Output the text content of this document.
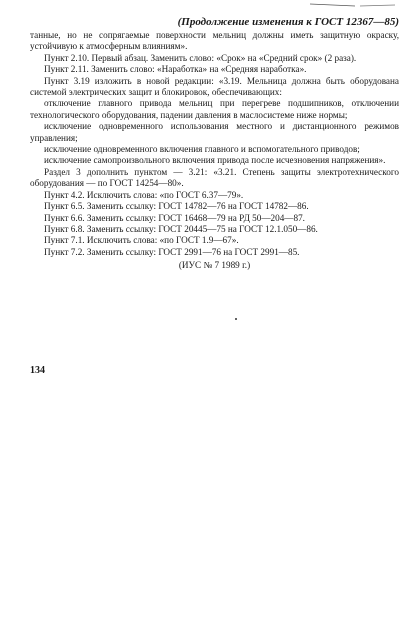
(Продолжение изменения к ГОСТ 12367—85)

танные, но не сопрягаемые поверхности мельниц должны иметь защитную окраску, устойчивую к атмосферным влияниям».

Пункт 2.10. Первый абзац. Заменить слово: «Срок» на «Средний срок» (2 раза).

Пункт 2.11. Заменить слово: «Наработка» на «Средняя наработка».

Пункт 3.19 изложить в новой редакции: «3.19. Мельница должна быть оборудована системой электрических защит и блокировок, обеспечивающих:

отключение главного привода мельниц при перегреве подшипников, отключении технологического оборудования, падении давления в маслосистеме ниже нормы;

исключение одновременного использования местного и дистанционного режимов управления;

исключение одновременного включения главного и вспомогательного приводов;

исключение самопроизвольного включения привода после исчезновения напряжения».

Раздел 3 дополнить пунктом — 3.21: «3.21. Степень защиты электротехнического оборудования — по ГОСТ 14254—80».

Пункт 4.2. Исключить слова: «по ГОСТ 6.37—79».

Пункт 6.5. Заменить ссылку: ГОСТ 14782—76 на ГОСТ 14782—86.

Пункт 6.6. Заменить ссылку: ГОСТ 16468—79 на РД 50—204—87.

Пункт 6.8. Заменить ссылку: ГОСТ 20445—75 на ГОСТ 12.1.050—86.

Пункт 7.1. Исключить слова: «по ГОСТ 1.9—67».

Пункт 7.2. Заменить ссылку: ГОСТ 2991—76 на ГОСТ 2991—85.

(ИУС № 7 1989 г.)
134
